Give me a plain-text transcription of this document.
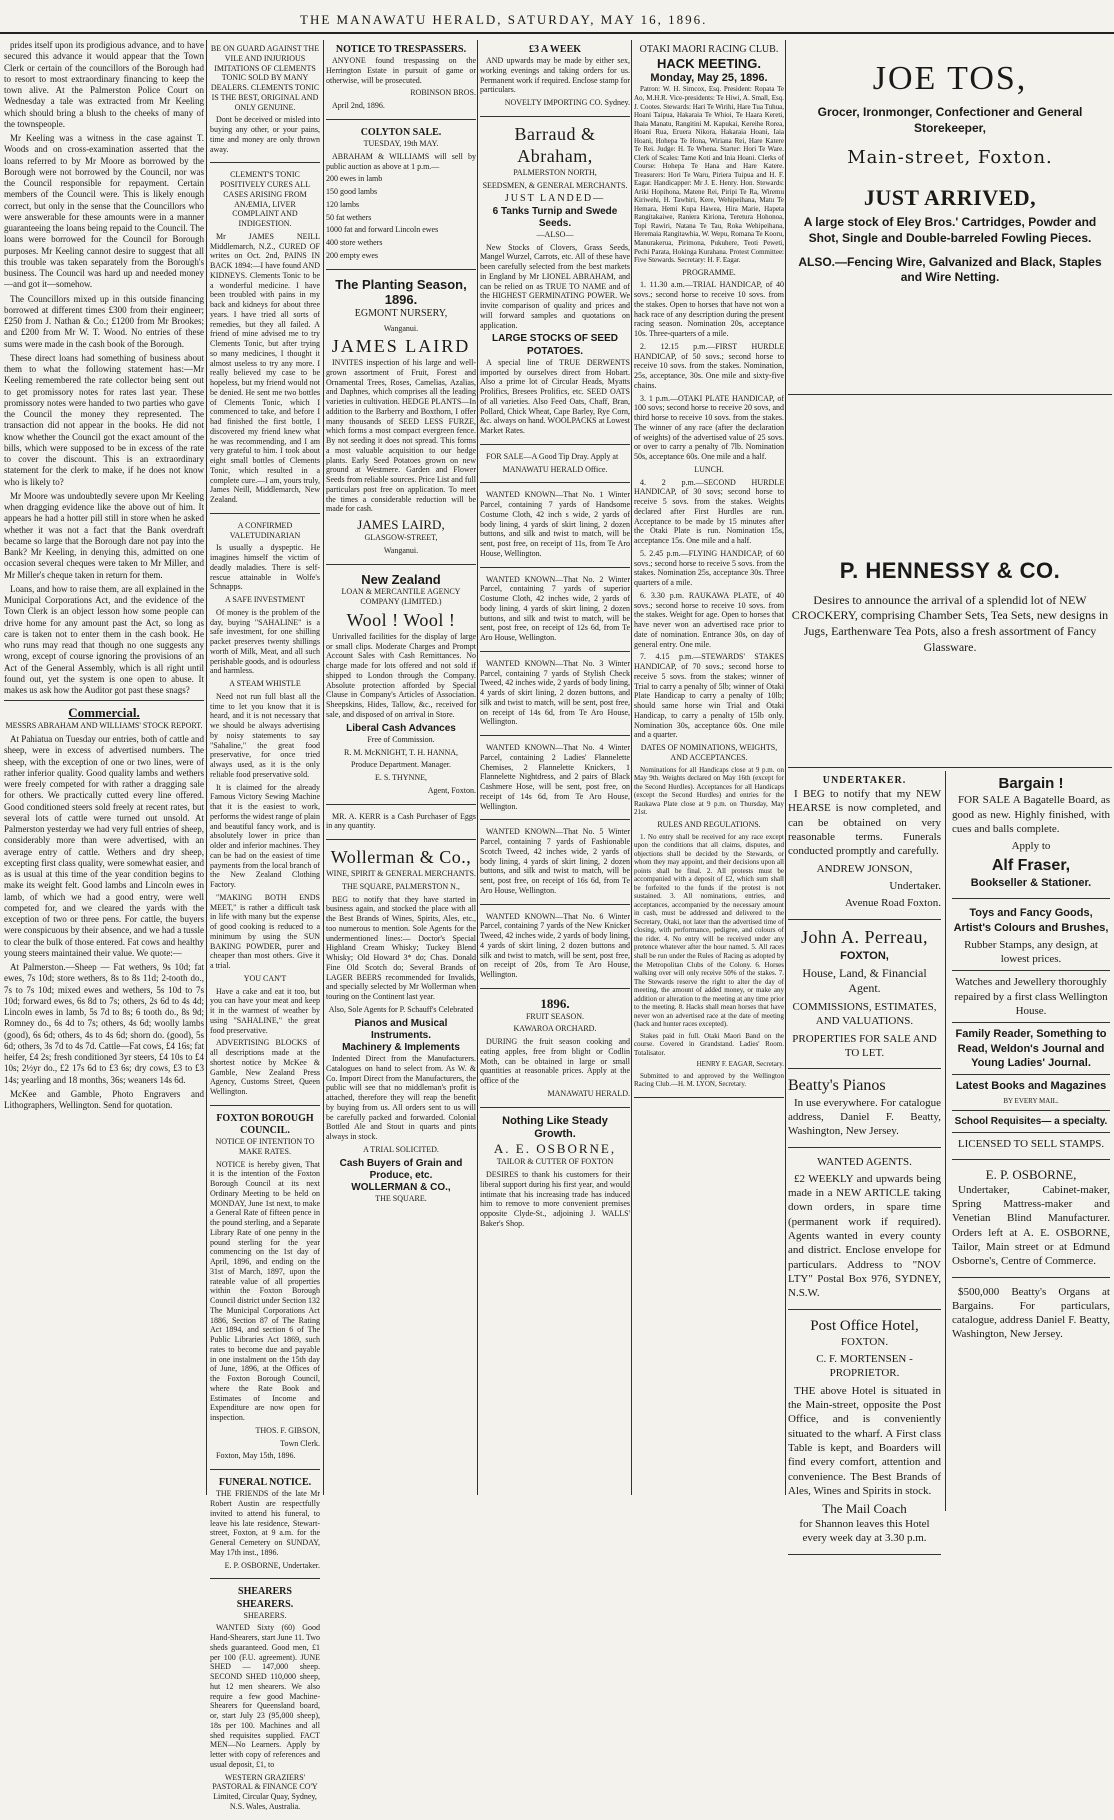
THE MANAWATU HERALD, SATURDAY, MAY 16, 1896.

prides itself upon its prodigious advance, and to have secured this advance it would appear that the Town Clerk or certain of the councillors of the Borough had to resort to most extraordinary financing to keep the town alive. At the Palmerston Police Court on Wednesday a tale was extracted from Mr Keeling which should bring a blush to the cheeks of many of the townspeople.

Mr Keeling was a witness in the case against T. Woods and on cross-examination asserted that the loans referred to by Mr Moore as borrowed by the Borough were not borrowed by the Council, nor was the Council responsible for repayment. Certain members of the Council were. This is likely enough correct, but only in the sense that the Councillors who were answerable for these amounts were in a manner guaranteeing the loans being repaid to the Council. The loans were borrowed for the Council for Borough purposes. Mr Keeling cannot desire to suggest that all this trouble was taken separately from the Borough's business. The Council was hard up and needed money—and got it—somehow.

The Councillors mixed up in this outside financing borrowed at different times £300 from their engineer; £250 from J. Nathan & Co.; £1200 from Mr Brookes; and £200 from Mr W. T. Wood. No entries of these sums were made in the cash book of the Borough.

These direct loans had something of business about them to what the following statement has:—Mr Keeling remembered the rate collector being sent out to get promissory notes for rates last year. These promissory notes were handed to two parties who gave the Council the money they represented. The transaction did not appear in the books. He did not know whether the Council got the exact amount of the bills, which were supposed to be in excess of the rate to cover the discount. This is an extraordinary statement for the clerk to make, if he does not know who is likely to?

Mr Moore was undoubtedly severe upon Mr Keeling when dragging evidence like the above out of him. It appears he had a hotter pill still in store when he asked whether it was not a fact that the Bank overdraft became so large that the Borough dare not pay into the Bank? Mr Keeling, in denying this, admitted on one occasion several cheques were taken to Mr Miller, and Mr Miller's cheque taken in return for them.

Loans, and how to raise them, are all explained in the Municipal Corporations Act, and the evidence of the Town Clerk is an object lesson how some people can drive home for any amount past the Act, so long as care is taken not to enter them in the cash book. He who runs may read that though no one suggests any wrong, except of course ignoring the provisions of an Act of the General Assembly, which is all right until found out, yet the system is one open to abuse. It makes us ask how the Auditor got past these snags?

Commercial.

MESSRS ABRAHAM AND WILLIAMS' STOCK REPORT.

At Pahiatua on Tuesday our entries, both of cattle and sheep, were in excess of advertised numbers. The sheep, with the exception of one or two lines, were of rather inferior quality. Good quality lambs and wethers were freely competed for with rather a dragging sale for others. We practically cutted every line offered. Good conditioned steers sold freely at recent rates, but several lots of cattle were turned out unsold. At Palmerston yesterday we had very full entries of sheep, considerably more than were advertised, with an average entry of cattle. Wethers and dry sheep, excepting first class quality, were somewhat easier, and as is usual at this time of the year condition begins to make its weight felt. Good lambs and Lincoln ewes in lamb, of which we had a good entry, were well competed for, and we cleared the yards with the exception of two or three pens. For cattle, the buyers were conspicuous by their absence, and we had a tussle to clear the bulk of those entered. Fat cows and healthy young steers maintained their value. We quote:—

At Palmerston.—Sheep — Fat wethers, 9s 10d; fat ewes, 7s 10d; store wethers, 8s to 8s 11d; 2-tooth do., 7s to 7s 10d; mixed ewes and wethers, 5s 10d to 7s 10d; forward ewes, 6s 8d to 7s; others, 2s 6d to 4s 4d; Lincoln ewes in lamb, 5s 7d to 8s; 6 tooth do., 8s 9d; Romney do., 6s 4d to 7s; others, 4s 6d; woolly lambs (good), 6s 6d; others, 4s to 4s 6d; shorn do. (good), 5s 6d; others, 3s 7d to 4s 7d. Cattle—Fat cows, £4 16s; fat heifer, £4 2s; fresh conditioned 3yr steers, £4 10s to £4 10s; 2½yr do., £2 17s 6d to £3 6s; dry cows, £3 to £3 14s; yearling and 18 months, 36s; weaners 14s 6d.

McKee and Gamble, Photo Engravers and Lithographers, Wellington. Send for quotation.

BE ON GUARD AGAINST THE VILE AND INJURIOUS IMITATIONS OF CLEMENTS TONIC SOLD BY MANY DEALERS. CLEMENTS TONIC IS THE BEST, ORIGINAL AND ONLY GENUINE.

Dont be deceived or misled into buying any other, or your pains, time and money are only thrown away.

CLEMENT'S TONIC POSITIVELY CURES ALL CASES ARISING FROM ANÆMIA, LIVER COMPLAINT AND INDIGESTION.

Mr JAMES NEILL Middlemarch, N.Z., CURED OF writes on Oct. 2nd, PAINS IN BACK 1894:—I have found AND KIDNEYS. Clements Tonic to be a wonderful medicine. I have been troubled with pains in my back and kidneys for about three years. I have tried all sorts of remedies, but they all failed. A friend of mine advised me to try Clements Tonic, but after trying so many medicines, I thought it almost useless to try any more. I really believed my case to be hopeless, but my friend would not be denied. He sent me two bottles of Clements Tonic, which I commenced to take, and before I had finished the first bottle, I discovered my friend knew what he was recommending, and I am very grateful to him. I took about eight small bottles of Clements Tonic, which resulted in a complete cure.—I am, yours truly, James Neill, Middlemarch, New Zealand.

A CONFIRMED VALETUDINARIAN

Is usually a dyspeptic. He imagines himself the victim of deadly maladies. There is self-rescue attainable in Wolfe's Schnapps.

A SAFE INVESTMENT

Of money is the problem of the day, buying "SAHALINE" is a safe investment, for one shilling packet preserves twenty shillings worth of Milk, Meat, and all such perishable goods, and is odourless and harmless.

A STEAM WHISTLE

Need not run full blast all the time to let you know that it is heard, and it is not necessary that we should be always advertising by noisy statements to say "Sahaline," the great food preservative, for once tried always used, as it is the only reliable food preservative sold.

It is claimed for the already Famous Victory Sewing Machine that it is the easiest to work, performs the widest range of plain and beautiful fancy work, and is absolutely lower in price than older and inferior machines. They can be had on the easiest of time payments from the local branch of the New Zealand Clothing Factory.

"MAKING BOTH ENDS MEET," is rather a difficult task in life with many but the expense of good cooking is reduced to a minimum by using the SUN BAKING POWDER, purer and cheaper than most others. Give it a trial.

YOU CAN'T

Have a cake and eat it too, but you can have your meat and keep it in the warmest of weather by using "SAHALINE," the great food preservative.

ADVERTISING BLOCKS of all descriptions made at the shortest notice by McKee & Gamble, New Zealand Press Agency, Customs Street, Queen Wellington.

FOXTON BOROUGH COUNCIL.

NOTICE OF INTENTION TO MAKE RATES.

NOTICE is hereby given, That it is the intention of the Foxton Borough Council at its next Ordinary Meeting to be held on MONDAY, June 1st next, to make a General Rate of fifteen pence in the pound sterling, and a Separate Library Rate of one penny in the pound sterling for the year commencing on the 1st day of April, 1896, and ending on the 31st of March, 1897, upon the rateable value of all properties within the Foxton Borough Council district under Section 132 The Municipal Corporations Act 1886, Section 87 of The Rating Act 1894, and section 6 of The Public Libraries Act 1869, such rates to become due and payable in one instalment on the 15th day of June, 1896, at the Offices of the Foxton Borough Council, where the Rate Book and Estimates of Income and Expenditure are now open for inspection.

THOS. F. GIBSON,

Town Clerk.

Foxton, May 15th, 1896.

FUNERAL NOTICE.

THE FRIENDS of the late Mr Robert Austin are respectfully invited to attend his funeral, to leave his late residence, Stewart-street, Foxton, at 9 a.m. for the General Cemetery on SUNDAY, May 17th inst., 1896.

E. P. OSBORNE, Undertaker.

SHEARERS SHEARERS.

SHEARERS.

WANTED Sixty (60) Good Hand-Shearers, start June 11. Two sheds guaranteed. Good men, £1 per 100 (F.U. agreement). JUNE SHED — 147,000 sheep. SECOND SHED 110,000 sheep, hut 12 men shearers. We also require a few good Machine-Shearers for Queensland board, or, start July 23 (95,000 sheep), 18s per 100. Machines and all shed requisites supplied. FACT MEN—No Learners. Apply by letter with copy of references and usual deposit, £1, to

WESTERN GRAZIERS' PASTORAL & FINANCE CO'Y Limited, Circular Quay, Sydney, N.S. Wales, Australia.

NOTICE TO TRESPASSERS.

ANYONE found trespassing on the Herrington Estate in pursuit of game or otherwise, will be prosecuted.

ROBINSON BROS.

April 2nd, 1896.

COLYTON SALE.

TUESDAY, 19th MAY.

ABRAHAM & WILLIAMS will sell by public auction as above at 1 p.m.—

200 ewes in lamb

150 good lambs

120 lambs

50 fat wethers

1000 fat and forward Lincoln ewes

400 store wethers

200 empty ewes

The Planting Season, 1896.

EGMONT NURSERY,

Wanganui.

JAMES LAIRD

INVITES inspection of his large and well-grown assortment of Fruit, Forest and Ornamental Trees, Roses, Camelias, Azalias, and Daphnes, which comprises all the leading varieties in cultivation. HEDGE PLANTS—In addition to the Barberry and Boxthorn, I offer many thousands of SEED LESS FURZE, which forms a most compact evergreen fence. By not seeding it does not spread. This forms a most valuable acquisition to our hedge plants. Early Seed Potatoes grown on new ground at Westmere. Garden and Flower Seeds from reliable sources. Price List and full particulars post free on application. To meet the times a considerable reduction will be made for cash.

JAMES LAIRD,

GLASGOW-STREET,

Wanganui.

New Zealand

LOAN & MERCANTILE AGENCY COMPANY (LIMITED.)

Wool ! Wool !

Unrivalled facilities for the display of large or small clips. Moderate Charges and Prompt Account Sales with Cash Remittances. No charge made for lots offered and not sold if shipped to London through the Company. Absolute protection afforded by Special Clause in Company's Articles of Association. Sheepskins, Hides, Tallow, &c., received for sale, and disposed of on arrival in Store.

Liberal Cash Advances

Free of Commission.

R. M. McKNIGHT, T. H. HANNA,

Produce Department. Manager.

E. S. THYNNE,

Agent, Foxton.

MR. A. KERR is a Cash Purchaser of Eggs in any quantity.

Wollerman & Co.,

WINE, SPIRIT & GENERAL MERCHANTS.

THE SQUARE, PALMERSTON N.,

BEG to notify that they have started in business again, and stocked the place with all the Best Brands of Wines, Spirits, Ales, etc., too numerous to mention. Sole Agents for the undermentioned lines:— Doctor's Special Highland Cream Whisky; Tuckey Blend Whisky; Old Howard 3* do; Chas. Donald Fine Old Scotch do; Several Brands of LAGER BEERS recommended for Invalids, and specially selected by Mr Wollerman when touring on the Continent last year.

Also, Sole Agents for P. Schauff's Celebrated

Pianos and Musical Instruments.
Machinery & Implements

Indented Direct from the Manufacturers. Catalogues on hand to select from. As W. & Co. Import Direct from the Manufacturers, the public will see that no middleman's profit is attached, therefore they will reap the benefit by buying from us. All orders sent to us will be carefully packed and forwarded. Colonial Bottled Ale and Stout in quarts and pints always in stock.

A TRIAL SOLICITED.

Cash Buyers of Grain and Produce, etc.
WOLLERMAN & CO.,

THE SQUARE.

£3 A WEEK

AND upwards may be made by either sex, working evenings and taking orders for us. Permanent work if required. Enclose stamp for particulars.

NOVELTY IMPORTING CO. Sydney.

Barraud & Abraham,

PALMERSTON NORTH,

SEEDSMEN, & GENERAL MERCHANTS.

JUST LANDED—
6 Tanks Turnip and Swede Seeds.

—ALSO—

New Stocks of Clovers, Grass Seeds, Mangel Wurzel, Carrots, etc. All of these have been carefully selected from the best markets in England by Mr LIONEL ABRAHAM, and can be relied on as TRUE TO NAME and of the HIGHEST GERMINATING POWER. We invite comparison of quality and prices and will forward samples and quotations on application.

LARGE STOCKS OF SEED POTATOES.

A special line of TRUE DERWENTS imported by ourselves direct from Hobart. Also a prime lot of Circular Heads, Myatts Prolifics, Bresees Prolifics, etc. SEED OATS of all varieties. Also Feed Oats, Chaff, Bran, Pollard, Chick Wheat, Cape Barley, Rye Corn, &c. always on hand. WOOLPACKS at Lowest Market Rates.

FOR SALE—A Good Tip Dray. Apply at

MANAWATU HERALD Office.

WANTED KNOWN—That No. 1 Winter Parcel, containing 7 yards of Handsome Costume Cloth, 42 inch s wide, 2 yards of body lining, 4 yards of skirt lining, 2 dozen buttons, and silk and twist to match, will be sent, post free, on receipt of 11s, from Te Aro House, Wellington.

WANTED KNOWN—That No. 2 Winter Parcel, containing 7 yards of superior Costume Cloth, 42 inches wide, 2 yards of body lining, 4 yards of skirt lining, 2 dozen buttons, and silk and twist to match, will be sent, post free, on receipt of 12s 6d, from Te Aro House, Wellington.

WANTED KNOWN—That No. 3 Winter Parcel, containing 7 yards of Stylish Check Tweed, 42 inches wide, 2 yards of body lining, 4 yards of skirt lining, 2 dozen buttons, and silk and twist to match, will be sent, post free, on receipt of 14s 6d, from Te Aro House, Wellington.

WANTED KNOWN—That No. 4 Winter Parcel, containing 2 Ladies' Flannelette Chemises, 2 Flannelette Knickers, 1 Flannelette Nightdress, and 2 pairs of Black Cashmere Hose, will be sent, post free, on receipt of 14s 6d, from Te Aro House, Wellington.

WANTED KNOWN—That No. 5 Winter Parcel, containing 7 yards of Fashionable Scotch Tweed, 42 inches wide, 2 yards of body lining, 4 yards of skirt lining, 2 dozen buttons, and silk and twist to match, will be sent, post free, on receipt of 16s 6d, from Te Aro House, Wellington.

WANTED KNOWN—That No. 6 Winter Parcel, containing 7 yards of the New Knicker Tweed, 42 inches wide, 2 yards of body lining, 4 yards of skirt lining, 2 dozen buttons and silk and twist to match, will be sent, post free, on receipt of 20s, from Te Aro House, Wellington.

1896.

FRUIT SEASON.

KAWAROA ORCHARD.

DURING the fruit season cooking and eating apples, free from blight or Codlin Moth, can be obtained in large or small quantities at reasonable prices. Apply at the office of the

MANAWATU HERALD.

Nothing Like Steady Growth.
A. E. OSBORNE,

TAILOR & CUTTER OF FOXTON

DESIRES to thank his customers for their liberal support during his first year, and would intimate that his increasing trade has induced him to remove to more convenient premises opposite Clyde-St., adjoining J. WALLS' Baker's Shop.

OTAKI MAORI RACING CLUB.
HACK MEETING.
Monday, May 25, 1896.

Patron: W. H. Simcox, Esq. President: Ropata Te Ao, M.H.R. Vice-presidents: Te Hiwi, A. Small, Esq. J. Cootes. Stewards: Hari Te Wirihi, Hare Tua Tuhua, Hoani Taipua, Hakaraia Te Whioi, Te Haara Kereti, Ihaia Manatu, Rangitini M. Kapukai, Kereihe Rorea, Hoani Rua, Eruera Nikora, Hakaraia Hoani, Iaia Hoani, Hohepa Te Hona, Wiriana Rei, Hare Katere Te Rei. Judge: H. Te Whena. Starter: Hori Te Ware. Clerk of Scales: Tame Koti and Inia Hoani. Clerks of Course: Hohepa Te Hana and Hare Katere. Treasurers: Hori Te Waru, Piriera Tuipua and H. F. Eagar. Handicapper: Mr J. E. Henry. Hon. Stewards: Ariki Hopihona, Matene Rei, Piripi Te Ra, Wiremu Kiriwehi, H. Tawhiri, Kere, Wehipeihana, Matu Te Hemara, Hemi Kupa Hawea, Hira Marie, Hapeta Rangitakaiwe, Raniera Kiriona, Teretura Hohonoa, Topi Rawiri, Natana Te Tau, Roka Wehipeihana, Heremaia Rangitawhia, W. Wepu, Romana Te Kooru, Manurakerua, Pirimona, Pukuhere, Teoti Peweti, Pechi Parata, Hokinga Kurahana. Protest Committee: Five Stewards. Secretary: H. F. Eagar.

PROGRAMME.

1. 11.30 a.m.—TRIAL HANDICAP, of 40 sovs.; second horse to receive 10 sovs. from the stakes. Open to horses that have not won a hack race of any description during the present racing season. Nomination 20s, acceptance 10s. Three-quarters of a mile.

2. 12.15 p.m.—FIRST HURDLE HANDICAP, of 50 sovs.; second horse to receive 10 sovs. from the stakes. Nomination, 25s, acceptance, 30s. One mile and sixty-five chains.

3. 1 p.m.—OTAKI PLATE HANDICAP, of 100 sovs; second horse to receive 20 sovs, and third horse to receive 10 sovs. from the stakes. The winner of any race (after the declaration of weights) of the advertised value of 25 sovs. or over to carry a penalty of 7lb. Nomination 50s, acceptance 60s. One mile and a half.

LUNCH.

4. 2 p.m.—SECOND HURDLE HANDICAP, of 30 sovs; second horse to receive 5 sovs. from the stakes. Weights declared after First Hurdles are run. Acceptance to be made by 15 minutes after the Otaki Plate is run. Nomination 15s, acceptance 15s. One mile and a half.

5. 2.45 p.m.—FLYING HANDICAP, of 60 sovs.; second horse to receive 5 sovs. from the stakes. Nomination 25s, acceptance 30s. Three quarters of a mile.

6. 3.30 p.m. RAUKAWA PLATE, of 40 sovs.; second horse to receive 10 sovs. from the stakes. Weight for age. Open to horses that have never won an advertised race prior to date of nomination. Entrance 30s, on day of general entry. One mile.

7. 4.15 p.m.—STEWARDS' STAKES HANDICAP, of 70 sovs.; second horse to receive 5 sovs. from the stakes; winner of Trial to carry a penalty of 5lb; winner of Otaki Plate Handicap to carry a penalty of 10lb; should same horse win Trial and Otaki Handicap, to carry a penalty of 15lb only. Nomination 30s, acceptance 60s. One mile and a quarter.

DATES OF NOMINATIONS, WEIGHTS, AND ACCEPTANCES.

Nominations for all Handicaps close at 9 p.m. on May 9th. Weights declared on May 16th (except for the Second Hurdles). Acceptances for all Handicaps (except the Second Hurdles) and entries for the Raukawa Plate close at 9 p.m. on Thursday, May 21st.

RULES AND REGULATIONS.

1. No entry shall be received for any race except upon the conditions that all claims, disputes, and objections shall be decided by the Stewards, or whom they may appoint, and their decisions upon all points shall be final. 2. All protests must be accompanied with a deposit of £2, which sum shall be forfeited to the funds if the protest is not sustained. 3. All nominations, entries, and acceptances, accompanied by the necessary amount in cash, must be addressed and delivered to the Secretary, Otaki, not later than the advertised time of closing, with performance, pedigree, and colours of the rider. 4. No entry will be received under any pretence whatever after the hour named. 5. All races shall be run under the Rules of Racing as adopted by the Metropolitan Clubs of the Colony. 6. Horses walking over will only receive 50% of the stakes. 7. The Stewards reserve the right to alter the day of meeting, the amount of added money, or make any addition or alteration to the meeting at any time prior to the meeting. 8. Hacks shall mean horses that have never won an advertised race at the date of meeting (hack and hunter races excepted).

Stakes paid in full. Otaki Maori Band on the course. Covered in Grandstand. Ladies' Room. Totalisator.

HENRY F. EAGAR, Secretary.

Submitted to and approved by the Wellington Racing Club.—H. M. LYON, Secretary.

JOE TOS,

Grocer, Ironmonger, Confectioner and General Storekeeper,

Main-street, Foxton.
JUST ARRIVED,

A large stock of Eley Bros.' Cartridges, Powder and Shot, Single and Double-barreled Fowling Pieces.

ALSO.—Fencing Wire, Galvanized and Black, Staples and Wire Netting.

P. HENNESSY & CO.

Desires to announce the arrival of a splendid lot of NEW CROCKERY, comprising Chamber Sets, Tea Sets, new designs in Jugs, Earthenware Tea Pots, also a fresh assortment of Fancy Glassware.

UNDERTAKER.

I BEG to notify that my NEW HEARSE is now completed, and can be obtained on very reasonable terms. Funerals conducted promptly and carefully.

ANDREW JONSON,

Undertaker.

Avenue Road Foxton.

John A. Perreau,

FOXTON,

House, Land, & Financial Agent.

COMMISSIONS, ESTIMATES, AND VALUATIONS.

PROPERTIES FOR SALE AND TO LET.

Beatty's Pianos

In use everywhere. For catalogue address, Daniel F. Beatty, Washington, New Jersey.

WANTED AGENTS.

£2 WEEKLY and upwards being made in a NEW ARTICLE taking down orders, in spare time (permanent work if required). Agents wanted in every county and district. Enclose envelope for particulars. Address to "NOV LTY" Postal Box 976, SYDNEY, N.S.W.

Post Office Hotel,

FOXTON.

C. F. MORTENSEN - PROPRIETOR.

THE above Hotel is situated in the Main-street, opposite the Post Office, and is conveniently situated to the wharf. A First class Table is kept, and Boarders will find every comfort, attention and convenience. The Best Brands of Ales, Wines and Spirits in stock.

The Mail Coach

for Shannon leaves this Hotel every week day at 3.30 p.m.

Bargain !

FOR SALE A Bagatelle Board, as good as new. Highly finished, with cues and balls complete.

Apply to

Alf Fraser,

Bookseller & Stationer.

Toys and Fancy Goods, Artist's Colours and Brushes,

Rubber Stamps, any design, at lowest prices.

Watches and Jewellery thoroughly repaired by a first class Wellington House.

Family Reader, Something to Read, Weldon's Journal and Young Ladies' Journal.

Latest Books and Magazines

BY EVERY MAIL.

School Requisites— a specialty.

LICENSED TO SELL STAMPS.

E. P. OSBORNE,

Undertaker, Cabinet-maker, Spring Mattress-maker and Venetian Blind Manufacturer. Orders left at A. E. OSBORNE, Tailor, Main street or at Edmund Osborne's, Centre of Commerce.

$500,000 Beatty's Organs at Bargains. For particulars, catalogue, address Daniel F. Beatty, Washington, New Jersey.
